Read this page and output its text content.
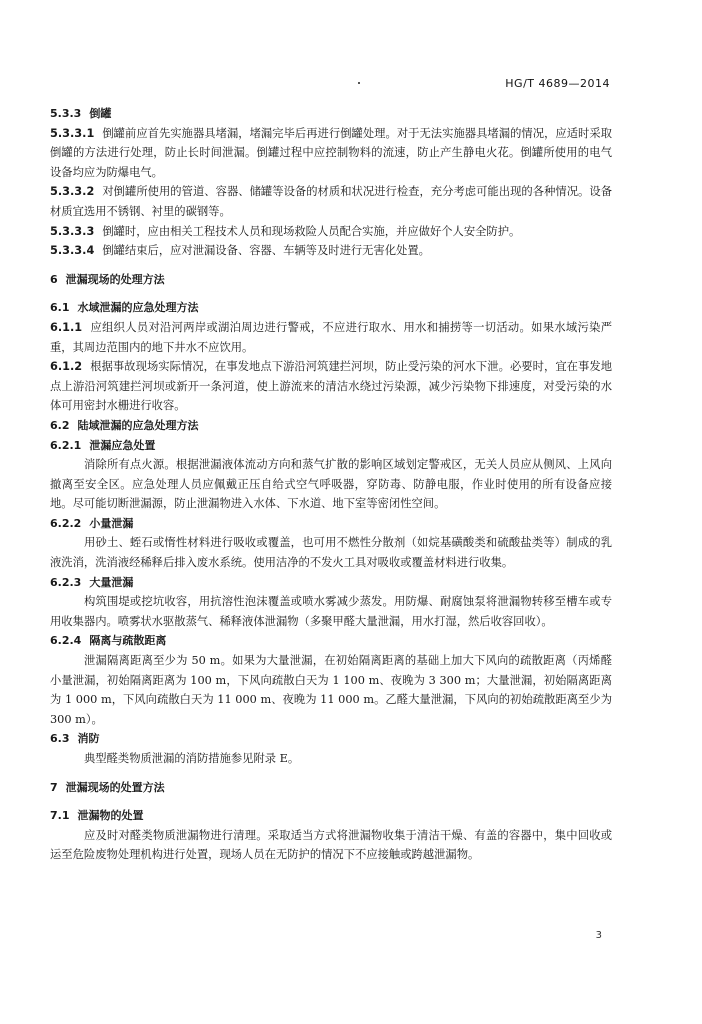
HG/T 4689—2014
5.3.3 倒罐

5.3.3.1 倒罐前应首先实施器具堵漏，堵漏完毕后再进行倒罐处理。对于无法实施器具堵漏的情况，应适时采取倒罐的方法进行处理，防止长时间泄漏。倒罐过程中应控制物料的流速，防止产生静电火花。倒罐所使用的电气设备均应为防爆电气。

5.3.3.2 对倒罐所使用的管道、容器、储罐等设备的材质和状况进行检查，充分考虑可能出现的各种情况。设备材质宜选用不锈钢、衬里的碳钢等。

5.3.3.3 倒罐时，应由相关工程技术人员和现场救险人员配合实施，并应做好个人安全防护。

5.3.3.4 倒罐结束后，应对泄漏设备、容器、车辆等及时进行无害化处置。

6 泄漏现场的处理方法
6.1 水域泄漏的应急处理方法

6.1.1 应组织人员对沿河两岸或湖泊周边进行警戒，不应进行取水、用水和捕捞等一切活动。如果水域污染严重，其周边范围内的地下井水不应饮用。

6.1.2 根据事故现场实际情况，在事发地点下游沿河筑建拦河坝，防止受污染的河水下泄。必要时，宜在事发地点上游沿河筑建拦河坝或新开一条河道，使上游流来的清洁水绕过污染源，减少污染物下排速度，对受污染的水体可用密封水栅进行收容。

6.2 陆域泄漏的应急处理方法
6.2.1 泄漏应急处置

消除所有点火源。根据泄漏液体流动方向和蒸气扩散的影响区域划定警戒区，无关人员应从侧风、上风向撤离至安全区。应急处理人员应佩戴正压自给式空气呼吸器，穿防毒、防静电服，作业时使用的所有设备应接地。尽可能切断泄漏源，防止泄漏物进入水体、下水道、地下室等密闭性空间。

6.2.2 小量泄漏

用砂土、蛭石或惰性材料进行吸收或覆盖，也可用不燃性分散剂（如烷基磺酸类和硫酸盐类等）制成的乳液洗消，洗消液经稀释后排入废水系统。使用洁净的不发火工具对吸收或覆盖材料进行收集。

6.2.3 大量泄漏

构筑围堤或挖坑收容，用抗溶性泡沫覆盖或喷水雾减少蒸发。用防爆、耐腐蚀泵将泄漏物转移至槽车或专用收集器内。喷雾状水驱散蒸气、稀释液体泄漏物（多聚甲醛大量泄漏，用水打湿，然后收容回收）。

6.2.4 隔离与疏散距离

泄漏隔离距离至少为 50 m。如果为大量泄漏，在初始隔离距离的基础上加大下风向的疏散距离（丙烯醛小量泄漏，初始隔离距离为 100 m，下风向疏散白天为 1 100 m、夜晚为 3 300 m；大量泄漏，初始隔离距离为 1 000 m，下风向疏散白天为 11 000 m、夜晚为 11 000 m。乙醛大量泄漏，下风向的初始疏散距离至少为 300 m）。

6.3 消防

典型醛类物质泄漏的消防措施参见附录 E。

7 泄漏现场的处置方法
7.1 泄漏物的处置

应及时对醛类物质泄漏物进行清理。采取适当方式将泄漏物收集于清洁干燥、有盖的容器中，集中回收或运至危险废物处理机构进行处置，现场人员在无防护的情况下不应接触或跨越泄漏物。

3
